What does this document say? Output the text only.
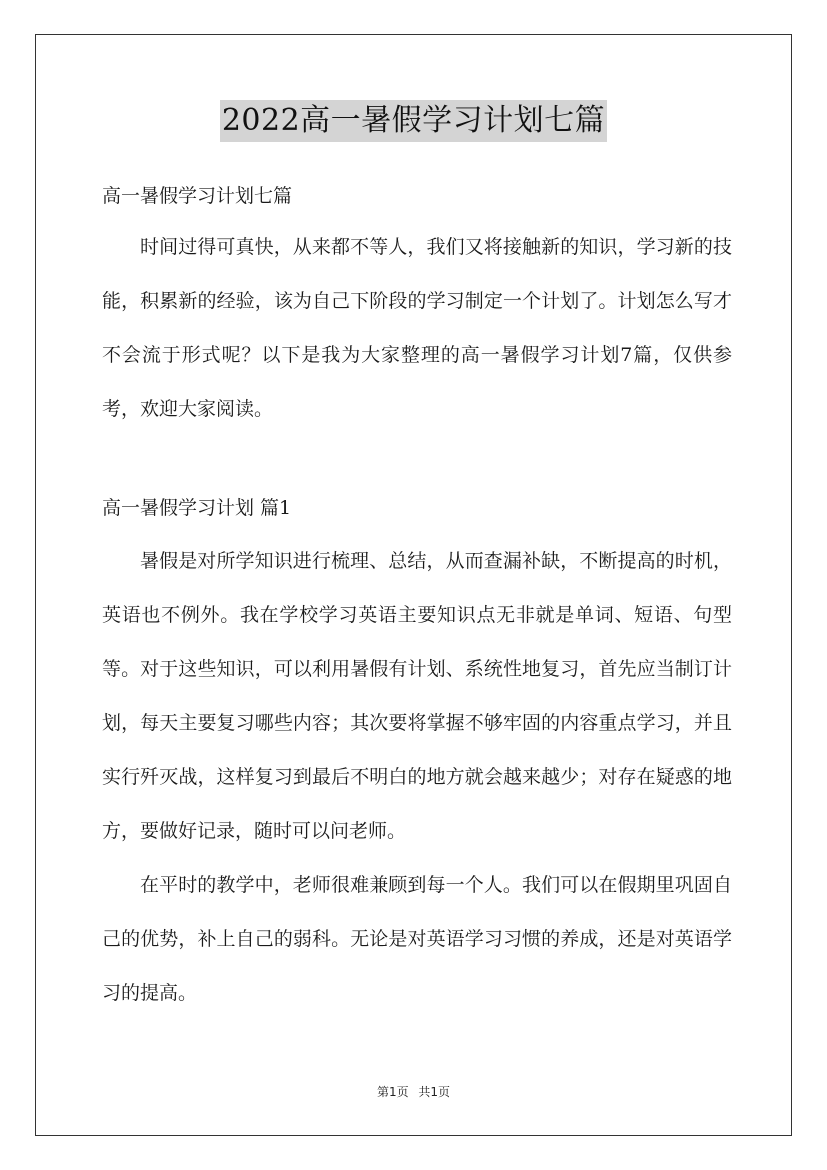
2022高一暑假学习计划七篇

高一暑假学习计划七篇

时间过得可真快，从来都不等人，我们又将接触新的知识，学习新的技能，积累新的经验，该为自己下阶段的学习制定一个计划了。计划怎么写才不会流于形式呢？以下是我为大家整理的高一暑假学习计划7篇，仅供参考，欢迎大家阅读。

高一暑假学习计划 篇1

暑假是对所学知识进行梳理、总结，从而查漏补缺，不断提高的时机，英语也不例外。我在学校学习英语主要知识点无非就是单词、短语、句型等。对于这些知识，可以利用暑假有计划、系统性地复习，首先应当制订计划，每天主要复习哪些内容；其次要将掌握不够牢固的内容重点学习，并且实行歼灭战，这样复习到最后不明白的地方就会越来越少；对存在疑惑的地方，要做好记录，随时可以问老师。

在平时的教学中，老师很难兼顾到每一个人。我们可以在假期里巩固自己的优势，补上自己的弱科。无论是对英语学习习惯的养成，还是对英语学习的提高。

第1页 共1页
